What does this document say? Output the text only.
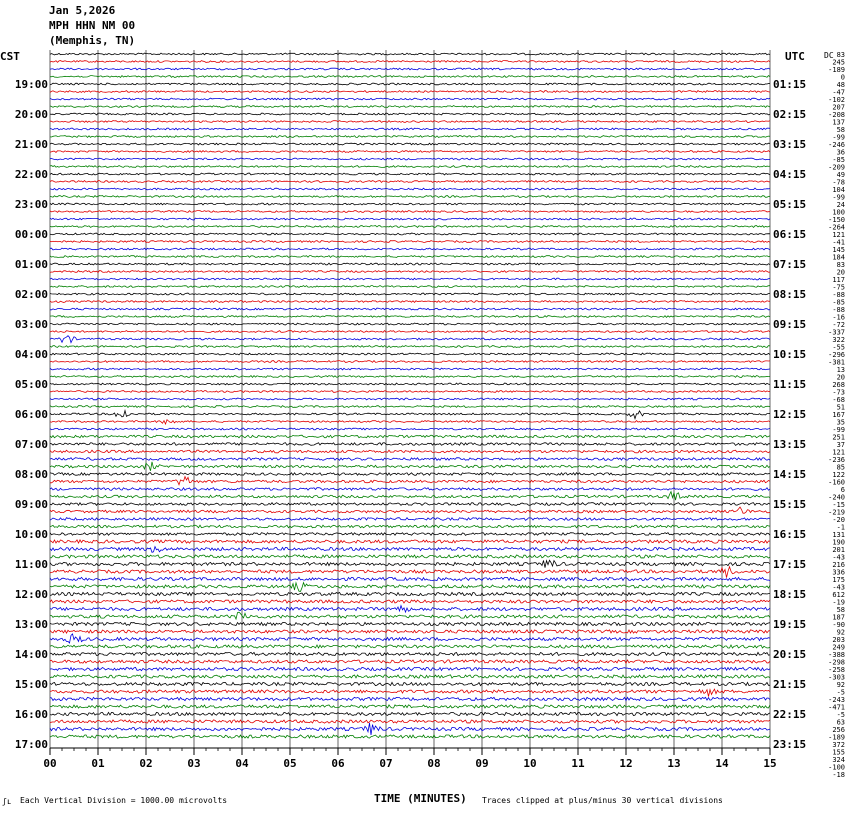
Jan 5,2026
MPH HHN NM 00
(Memphis, TN)
CST	UTC DC
19:00
20:00
21:00
22:00
23:00
00:00
01:00
02:00
03:00
04:00
05:00
06:00
07:00
08:00
09:00
10:00
11:00
12:00
13:00
14:00
15:00
16:00
17:00
01:15
02:15
03:15
04:15
05:15
06:15
07:15
08:15
09:15
10:15
11:15
12:15
13:15
14:15
15:15
16:15
17:15
18:15
19:15
20:15
21:15
22:15
23:15
83
245
-189
0
48
-47
-102
207
-208
137
58
-99
-246
36
-85
-209
49
-78
104
-99
24
100
-150
-264
121
-41
145
184
83
20
117
-75
-88
-85
-88
-16
-72
-337
322
-55
-296
-381
13
20
268
-73
-68
51
167
35
-99
251
37
121
-236
85
122
-160
6
-240
-15
-219
-20
-1
131
190
201
-43
216
336
175
-43
612
-19
58
187
-90
92
203
249
-388
-298
-258
-303
92
-5
-243
-471
-5
63
256
-189
372
155
324
-100
-18
00	01	02	03	04	05	06	07	08	09	10	11	12	13	14	15
TIME (MINUTES)
ʃʟ Each Vertical Division = 1000.00 microvolts	Traces clipped at plus/minus 30 vertical divisions
